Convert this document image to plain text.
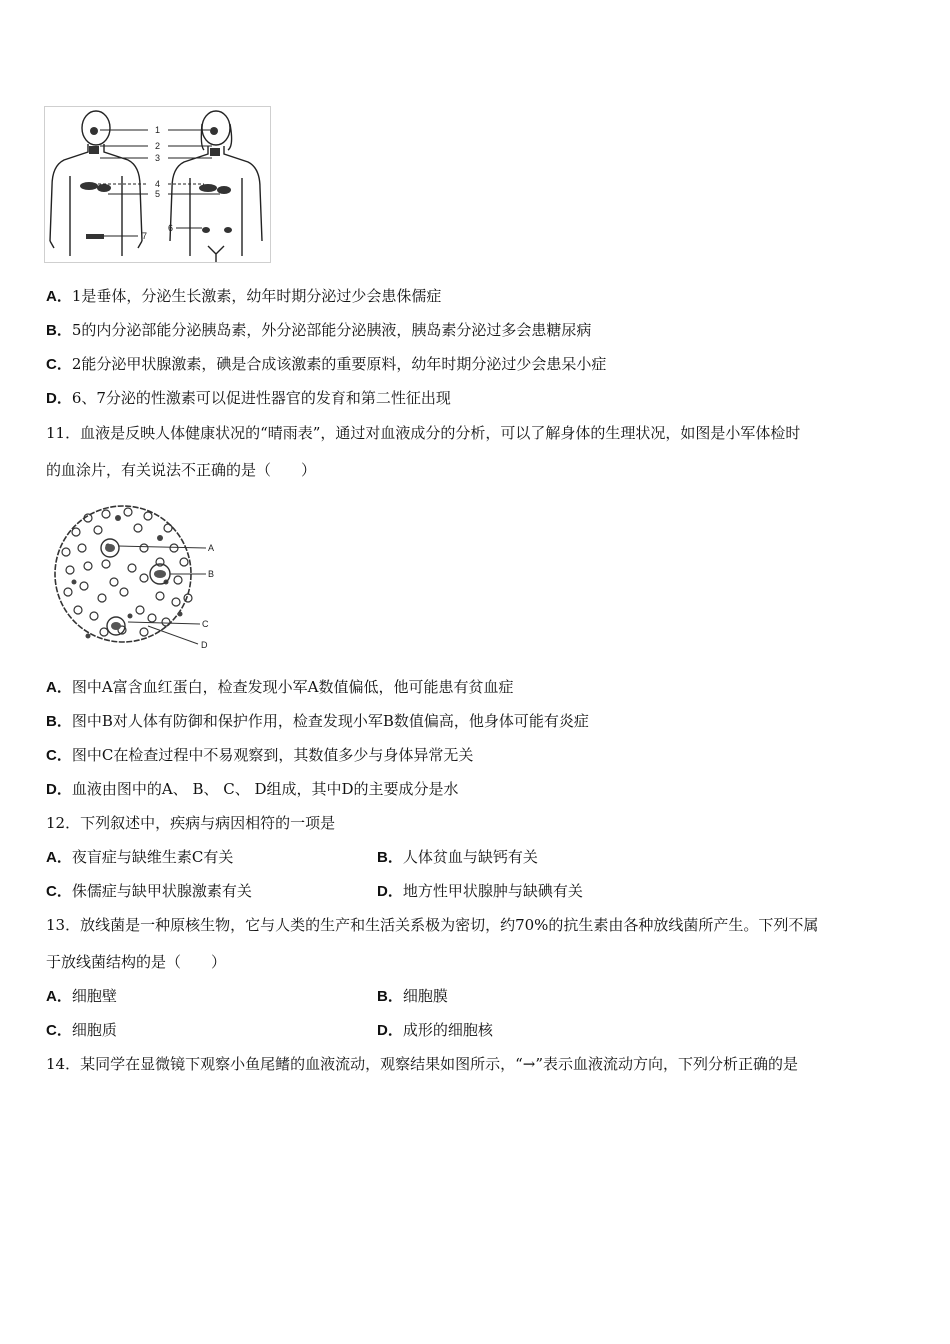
1
2
3
4
5
6
7
A．1是垂体，分泌生长激素，幼年时期分泌过少会患侏儒症
B．5的内分泌部能分泌胰岛素，外分泌部能分泌胰液，胰岛素分泌过多会患糖尿病
C．2能分泌甲状腺激素，碘是合成该激素的重要原料，幼年时期分泌过少会患呆小症
D．6、7分泌的性激素可以促进性器官的发育和第二性征出现
11．血液是反映人体健康状况的“晴雨表”，通过对血液成分的分析，可以了解身体的生理状况，如图是小军体检时
的血涂片，有关说法不正确的是（　　）
A
B
C
D
A．图中A富含血红蛋白，检查发现小军A数值偏低，他可能患有贫血症
B．图中B对人体有防御和保护作用，检查发现小军B数值偏高，他身体可能有炎症
C．图中C在检查过程中不易观察到，其数值多少与身体异常无关
D．血液由图中的A、 B、 C、 D组成，其中D的主要成分是水
12．下列叙述中，疾病与病因相符的一项是
A．夜盲症与缺维生素C有关	B．人体贫血与缺钙有关
C．侏儒症与缺甲状腺激素有关	D．地方性甲状腺肿与缺碘有关
13．放线菌是一种原核生物，它与人类的生产和生活关系极为密切，约70%的抗生素由各种放线菌所产生。下列不属
于放线菌结构的是（　　）
A．细胞壁	B．细胞膜
C．细胞质	D．成形的细胞核
14．某同学在显微镜下观察小鱼尾鳍的血液流动，观察结果如图所示，“→”表示血液流动方向，下列分析正确的是
